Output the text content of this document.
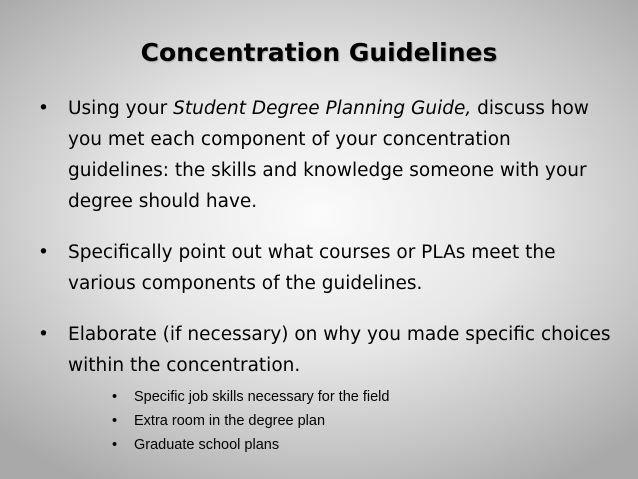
Concentration Guidelines
• Using your Student Degree Planning Guide, discuss how you met each component of your concentration guidelines: the skills and knowledge someone with your degree should have.
• Specifically point out what courses or PLAs meet the various components of the guidelines.
• Elaborate (if necessary) on why you made specific choices within the concentration.
• Specific job skills necessary for the field
• Extra room in the degree plan
• Graduate school plans
